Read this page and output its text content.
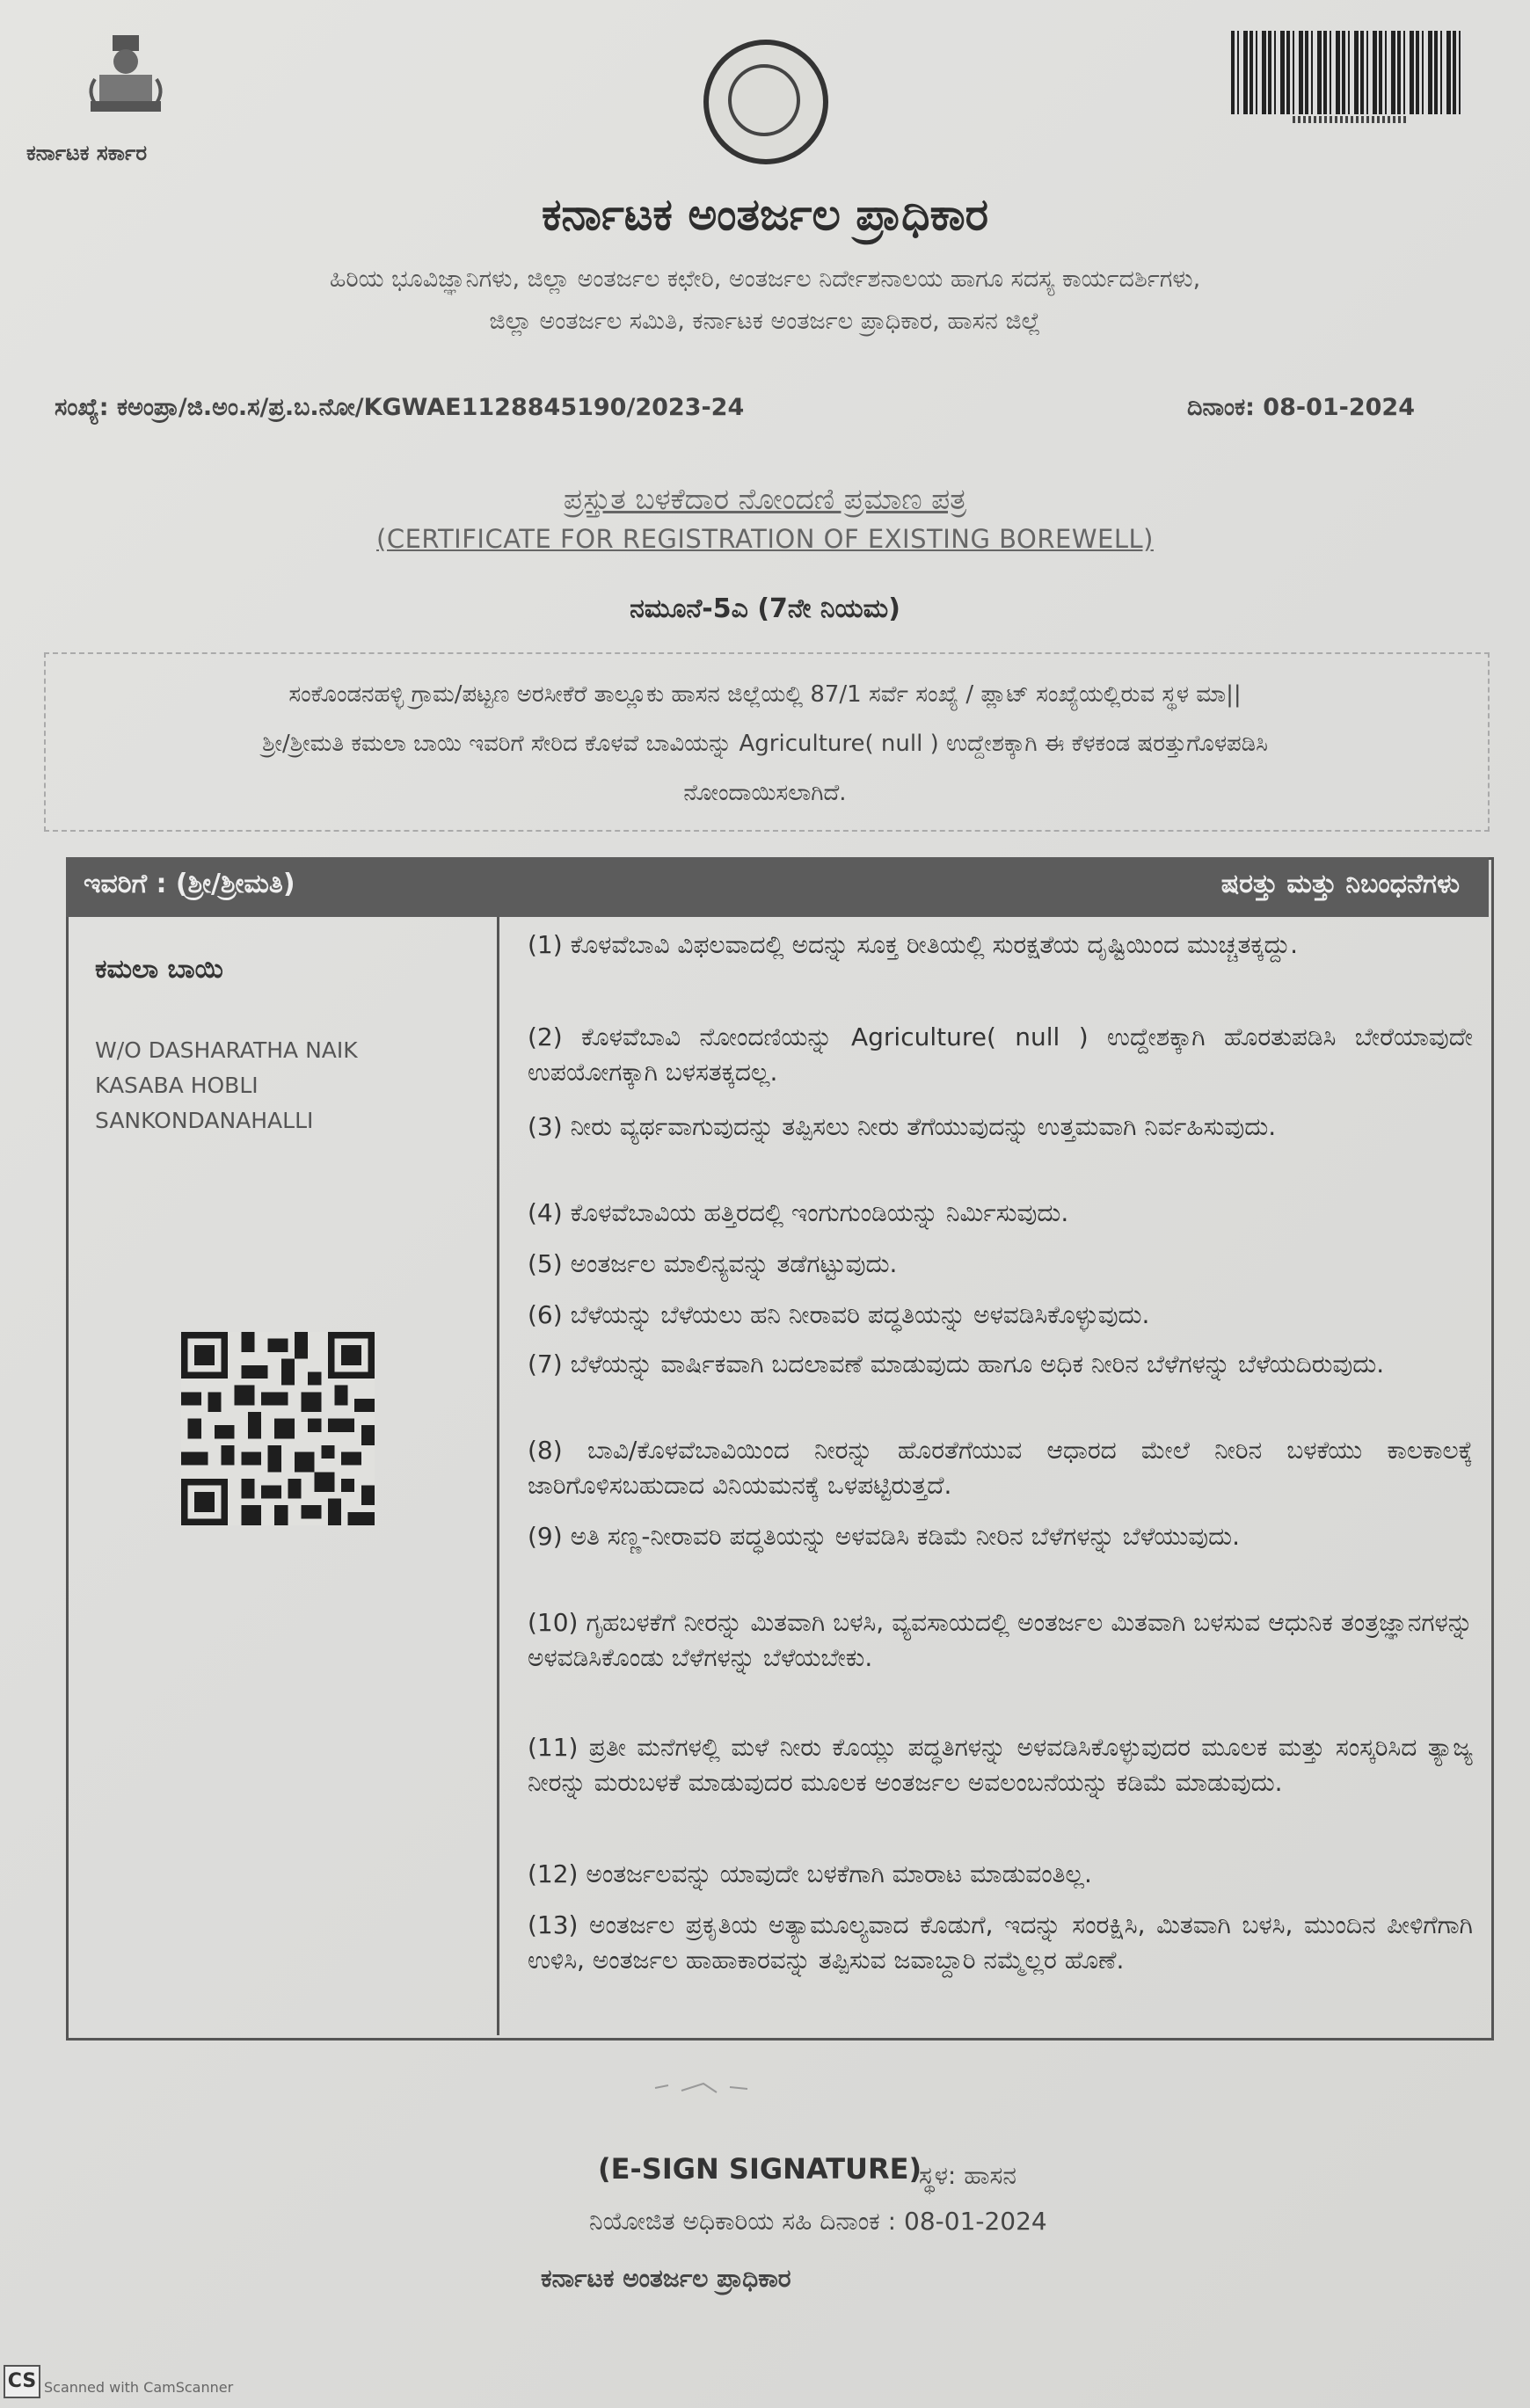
ಕರ್ನಾಟಕ ಸರ್ಕಾರ
ಕರ್ನಾಟಕ ಅಂತರ್ಜಲ ಪ್ರಾಧಿಕಾರ
ಹಿರಿಯ ಭೂವಿಜ್ಞಾನಿಗಳು, ಜಿಲ್ಲಾ ಅಂತರ್ಜಲ ಕಛೇರಿ, ಅಂತರ್ಜಲ ನಿರ್ದೇಶನಾಲಯ ಹಾಗೂ ಸದಸ್ಯ ಕಾರ್ಯದರ್ಶಿಗಳು,
ಜಿಲ್ಲಾ ಅಂತರ್ಜಲ ಸಮಿತಿ, ಕರ್ನಾಟಕ ಅಂತರ್ಜಲ ಪ್ರಾಧಿಕಾರ, ಹಾಸನ ಜಿಲ್ಲೆ
ಸಂಖ್ಯೆ: ಕಅಂಪ್ರಾ/ಜಿ.ಅಂ.ಸ/ಪ್ರ.ಬ.ನೋ/KGWAE1128845190/2023-24	ದಿನಾಂಕ: 08-01-2024
ಪ್ರಸ್ತುತ ಬಳಕೆದಾರ ನೋಂದಣಿ ಪ್ರಮಾಣ ಪತ್ರ
(CERTIFICATE FOR REGISTRATION OF EXISTING BOREWELL)
ನಮೂನೆ-5ಎ (7ನೇ ನಿಯಮ)
ಸಂಕೊಂಡನಹಳ್ಳಿ ಗ್ರಾಮ/ಪಟ್ಟಣ ಅರಸೀಕೆರೆ ತಾಲ್ಲೂಕು ಹಾಸನ ಜಿಲ್ಲೆಯಲ್ಲಿ 87/1 ಸರ್ವೆ ಸಂಖ್ಯೆ / ಪ್ಲಾಟ್ ಸಂಖ್ಯೆಯಲ್ಲಿರುವ ಸ್ಥಳ ಮಾ||
ಶ್ರೀ/ಶ್ರೀಮತಿ ಕಮಲಾ ಬಾಯಿ ಇವರಿಗೆ ಸೇರಿದ ಕೊಳವೆ ಬಾವಿಯನ್ನು Agriculture( null ) ಉದ್ದೇಶಕ್ಕಾಗಿ ಈ ಕೆಳಕಂಡ ಷರತ್ತುಗೊಳಪಡಿಸಿ
ನೋಂದಾಯಿಸಲಾಗಿದೆ.
ಇವರಿಗೆ : (ಶ್ರೀ/ಶ್ರೀಮತಿ)	ಷರತ್ತು ಮತ್ತು ನಿಬಂಧನೆಗಳು
ಕಮಲಾ ಬಾಯಿ
W/O DASHARATHA NAIK
KASABA HOBLI
SANKONDANAHALLI
(1) ಕೊಳವೆಬಾವಿ ವಿಫಲವಾದಲ್ಲಿ ಅದನ್ನು ಸೂಕ್ತ ರೀತಿಯಲ್ಲಿ ಸುರಕ್ಷತೆಯ ದೃಷ್ಟಿಯಿಂದ ಮುಚ್ಚತಕ್ಕದ್ದು.
(2) ಕೊಳವೆಬಾವಿ ನೋಂದಣಿಯನ್ನು Agriculture( null ) ಉದ್ದೇಶಕ್ಕಾಗಿ ಹೊರತುಪಡಿಸಿ ಬೇರೆಯಾವುದೇ ಉಪಯೋಗಕ್ಕಾಗಿ ಬಳಸತಕ್ಕದಲ್ಲ.
(3) ನೀರು ವ್ಯರ್ಥವಾಗುವುದನ್ನು ತಪ್ಪಿಸಲು ನೀರು ತೆಗೆಯುವುದನ್ನು ಉತ್ತಮವಾಗಿ ನಿರ್ವಹಿಸುವುದು.
(4) ಕೊಳವೆಬಾವಿಯ ಹತ್ತಿರದಲ್ಲಿ ಇಂಗುಗುಂಡಿಯನ್ನು ನಿರ್ಮಿಸುವುದು.
(5) ಅಂತರ್ಜಲ ಮಾಲಿನ್ಯವನ್ನು ತಡೆಗಟ್ಟುವುದು.
(6) ಬೆಳೆಯನ್ನು ಬೆಳೆಯಲು ಹನಿ ನೀರಾವರಿ ಪದ್ಧತಿಯನ್ನು ಅಳವಡಿಸಿಕೊಳ್ಳುವುದು.
(7) ಬೆಳೆಯನ್ನು ವಾರ್ಷಿಕವಾಗಿ ಬದಲಾವಣೆ ಮಾಡುವುದು ಹಾಗೂ ಅಧಿಕ ನೀರಿನ ಬೆಳೆಗಳನ್ನು ಬೆಳೆಯದಿರುವುದು.
(8) ಬಾವಿ/ಕೊಳವೆಬಾವಿಯಿಂದ ನೀರನ್ನು ಹೊರತೆಗೆಯುವ ಆಧಾರದ ಮೇಲೆ ನೀರಿನ ಬಳಕೆಯು ಕಾಲಕಾಲಕ್ಕೆ ಜಾರಿಗೊಳಿಸಬಹುದಾದ ವಿನಿಯಮನಕ್ಕೆ ಒಳಪಟ್ಟಿರುತ್ತದೆ.
(9) ಅತಿ ಸಣ್ಣ-ನೀರಾವರಿ ಪದ್ಧತಿಯನ್ನು ಅಳವಡಿಸಿ ಕಡಿಮೆ ನೀರಿನ ಬೆಳೆಗಳನ್ನು ಬೆಳೆಯುವುದು.
(10) ಗೃಹಬಳಕೆಗೆ ನೀರನ್ನು ಮಿತವಾಗಿ ಬಳಸಿ, ವ್ಯವಸಾಯದಲ್ಲಿ ಅಂತರ್ಜಲ ಮಿತವಾಗಿ ಬಳಸುವ ಆಧುನಿಕ ತಂತ್ರಜ್ಞಾನಗಳನ್ನು ಅಳವಡಿಸಿಕೊಂಡು ಬೆಳೆಗಳನ್ನು ಬೆಳೆಯಬೇಕು.
(11) ಪ್ರತೀ ಮನೆಗಳಲ್ಲಿ ಮಳೆ ನೀರು ಕೊಯ್ಲು ಪದ್ಧತಿಗಳನ್ನು ಅಳವಡಿಸಿಕೊಳ್ಳುವುದರ ಮೂಲಕ ಮತ್ತು ಸಂಸ್ಕರಿಸಿದ ತ್ಯಾಜ್ಯ ನೀರನ್ನು ಮರುಬಳಕೆ ಮಾಡುವುದರ ಮೂಲಕ ಅಂತರ್ಜಲ ಅವಲಂಬನೆಯನ್ನು ಕಡಿಮೆ ಮಾಡುವುದು.
(12) ಅಂತರ್ಜಲವನ್ನು ಯಾವುದೇ ಬಳಕೆಗಾಗಿ ಮಾರಾಟ ಮಾಡುವಂತಿಲ್ಲ.
(13) ಅಂತರ್ಜಲ ಪ್ರಕೃತಿಯ ಅತ್ಯಾಮೂಲ್ಯವಾದ ಕೊಡುಗೆ, ಇದನ್ನು ಸಂರಕ್ಷಿಸಿ, ಮಿತವಾಗಿ ಬಳಸಿ, ಮುಂದಿನ ಪೀಳಿಗೆಗಾಗಿ ಉಳಿಸಿ, ಅಂತರ್ಜಲ ಹಾಹಾಕಾರವನ್ನು ತಪ್ಪಿಸುವ ಜವಾಬ್ದಾರಿ ನಮ್ಮೆಲ್ಲರ ಹೊಣೆ.
(E-SIGN SIGNATURE)
ಸ್ಥಳ: ಹಾಸನ
ನಿಯೋಜಿತ ಅಧಿಕಾರಿಯ ಸಹಿ ದಿನಾಂಕ : 08-01-2024
ಕರ್ನಾಟಕ ಅಂತರ್ಜಲ ಪ್ರಾಧಿಕಾರ
CS Scanned with CamScanner
